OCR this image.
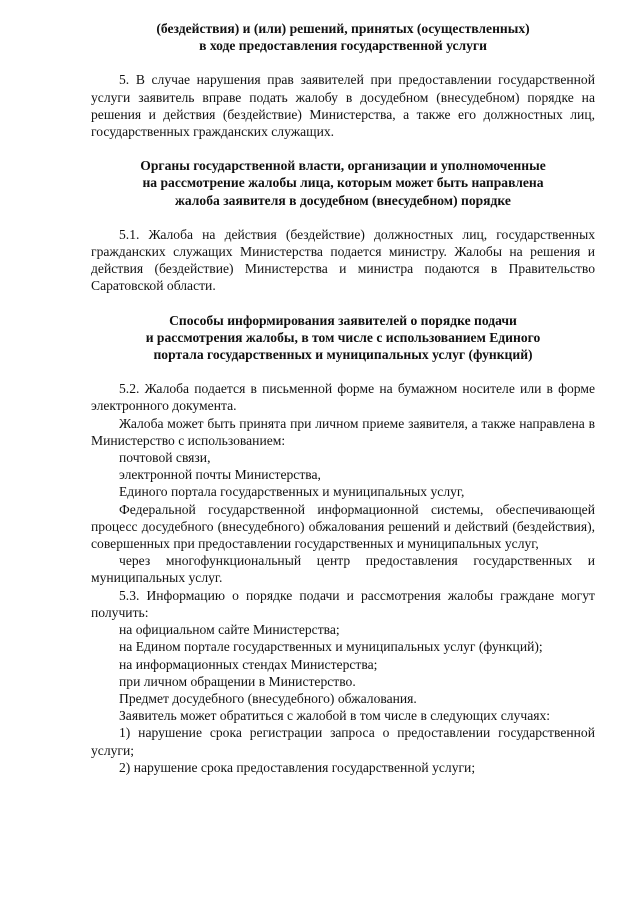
(бездействия) и (или) решений, принятых (осуществленных)
в ходе предоставления государственной услуги

5. В случае нарушения прав заявителей при предоставлении государственной услуги заявитель вправе подать жалобу в досудебном (внесудебном) порядке на решения и действия (бездействие) Министерства, а также его должностных лиц, государственных гражданских служащих.

Органы государственной власти, организации и уполномоченные
на рассмотрение жалобы лица, которым может быть направлена
жалоба заявителя в досудебном (внесудебном) порядке

5.1. Жалоба на действия (бездействие) должностных лиц, государственных гражданских служащих Министерства подается министру. Жалобы на решения и действия (бездействие) Министерства и министра подаются в Правительство Саратовской области.

Способы информирования заявителей о порядке подачи
и рассмотрения жалобы, в том числе с использованием Единого
портала государственных и муниципальных услуг (функций)

5.2. Жалоба подается в письменной форме на бумажном носителе или в форме электронного документа.

Жалоба может быть принята при личном приеме заявителя, а также направлена в Министерство с использованием:

почтовой связи,

электронной почты Министерства,

Единого портала государственных и муниципальных услуг,

Федеральной государственной информационной системы, обеспечивающей процесс досудебного (внесудебного) обжалования решений и действий (бездействия), совершенных при предоставлении государственных и муниципальных услуг,

через многофункциональный центр предоставления государственных и муниципальных услуг.

5.3. Информацию о порядке подачи и рассмотрения жалобы граждане могут получить:

на официальном сайте Министерства;

на Едином портале государственных и муниципальных услуг (функций);

на информационных стендах Министерства;

при личном обращении в Министерство.

Предмет досудебного (внесудебного) обжалования.

Заявитель может обратиться с жалобой в том числе в следующих случаях:

1) нарушение срока регистрации запроса о предоставлении государственной услуги;

2) нарушение срока предоставления государственной услуги;
